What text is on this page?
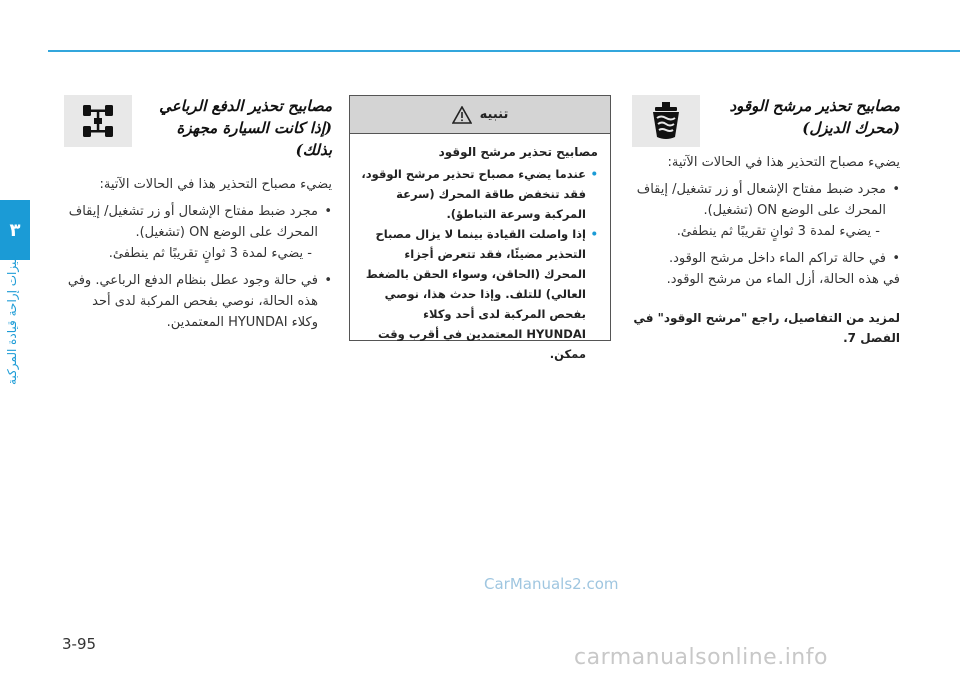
٣
ميزات إراحة قيادة المركبة
مصابيح تحذير مرشح الوقود (محرك الديزل)
يضيء مصباح التحذير هذا في الحالات الآتية:
• مجرد ضبط مفتاح الإشعال أو زر تشغيل/ إيقاف المحرك على الوضع ON (تشغيل).
- يضيء لمدة 3 ثوانٍ تقريبًا ثم ينطفئ.
• في حالة تراكم الماء داخل مرشح الوقود.
في هذه الحالة، أزل الماء من مرشح الوقود.
لمزيد من التفاصيل، راجع "مرشح الوقود" في الفصل 7.
تنبيه
مصابيح تحذير مرشح الوقود
• عندما يضيء مصباح تحذير مرشح الوقود، فقد تنخفض طاقة المحرك (سرعة المركبة وسرعة التباطؤ).
• إذا واصلت القيادة بينما لا يزال مصباح التحذير مضيئًا، فقد تتعرض أجزاء المحرك (الحاقن، وسواء الحقن بالضغط العالي) للتلف. وإذا حدث هذا، نوصي بفحص المركبة لدى أحد وكلاء HYUNDAI المعتمدين في أقرب وقت ممكن.
مصابيح تحذير الدفع الرباعي (إذا كانت السيارة مجهزة بذلك)
يضيء مصباح التحذير هذا في الحالات الآتية:
• مجرد ضبط مفتاح الإشعال أو زر تشغيل/ إيقاف المحرك على الوضع ON (تشغيل).
- يضيء لمدة 3 ثوانٍ تقريبًا ثم ينطفئ.
• في حالة وجود عطل بنظام الدفع الرباعي. وفي هذه الحالة، نوصي بفحص المركبة لدى أحد وكلاء HYUNDAI المعتمدين.
CarManuals2.com
3-95
carmanualsonline.info
